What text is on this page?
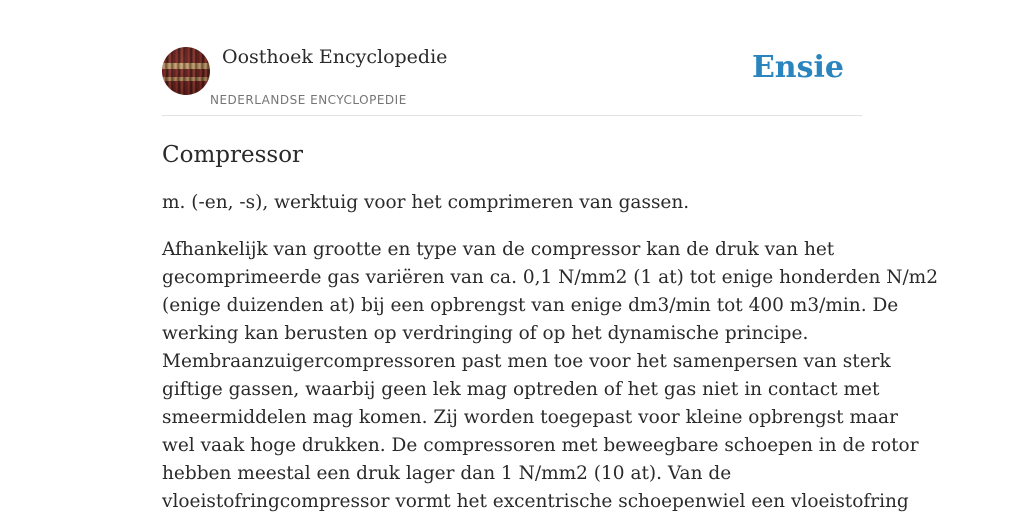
Oosthoek Encyclopedie
NEDERLANDSE ENCYCLOPEDIE
Ensie
Compressor

m. (-en, -s), werktuig voor het comprimeren van gassen.

Afhankelijk van grootte en type van de compressor kan de druk van het
gecomprimeerde gas variëren van ca. 0,1 N/mm2 (1 at) tot enige honderden N/m2
(enige duizenden at) bij een opbrengst van enige dm3/min tot 400 m3/min. De
werking kan berusten op verdringing of op het dynamische principe.
Membraanzuigercompressoren past men toe voor het samenpersen van sterk
giftige gassen, waarbij geen lek mag optreden of het gas niet in contact met
smeermiddelen mag komen. Zij worden toegepast voor kleine opbrengst maar
wel vaak hoge drukken. De compressoren met beweegbare schoepen in de rotor
hebben meestal een druk lager dan 1 N/mm2 (10 at). Van de
vloeistofringcompressor vormt het excentrische schoepenwiel een vloeistofring
